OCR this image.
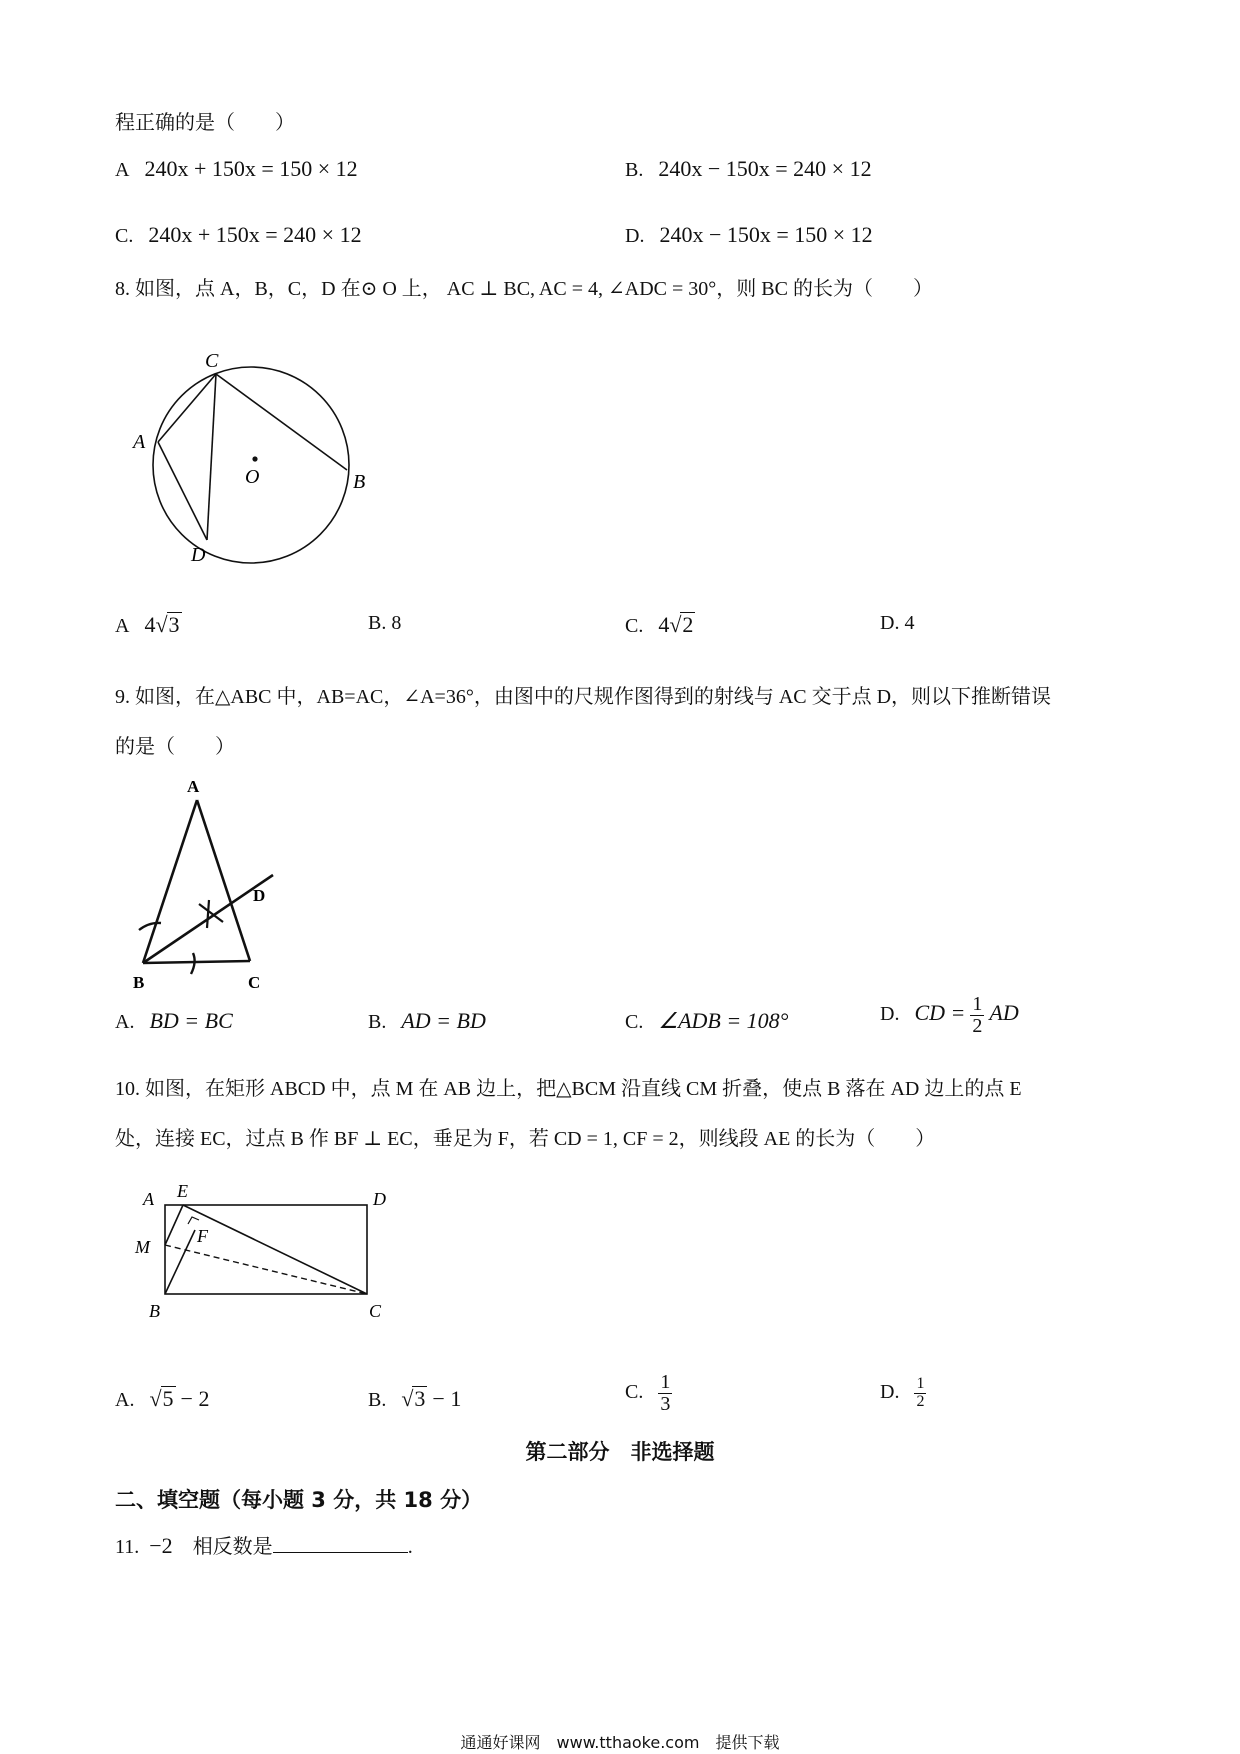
程正确的是（　　）
A 240x + 150x = 150 × 12	B. 240x − 150x = 240 × 12
C. 240x + 150x = 240 × 12	D. 240x − 150x = 150 × 12
8. 如图，点 A，B，C，D 在⊙ O 上， AC ⊥ BC, AC = 4, ∠ADC = 30°，则 BC 的长为（　　）
C
A
O	B
D
A 4√3	B. 8	C. 4√2	D. 4
9. 如图，在△ABC 中，AB=AC，∠A=36°，由图中的尺规作图得到的射线与 AC 交于点 D，则以下推断错误
的是（　　）
A
D
B	C
A. BD = BC	B. AD = BD	C. ∠ADB = 108°	D. CD = $\frac{1}{2}$ AD
10. 如图，在矩形 ABCD 中，点 M 在 AB 边上，把△BCM 沿直线 CM 折叠，使点 B 落在 AD 边上的点 E
处，连接 EC，过点 B 作 BF ⊥ EC，垂足为 F，若 CD = 1, CF = 2，则线段 AE 的长为（　　）
A E	D
F
M
B	C
A. √5 − 2	B. √3 − 1	C. $\frac{1}{3}$	D. $\frac{1}{2}$
第二部分　非选择题
二、填空题（每小题 3 分，共 18 分）
11. −2 相反数是	.
通通好课网　www.tthaoke.com　提供下载
